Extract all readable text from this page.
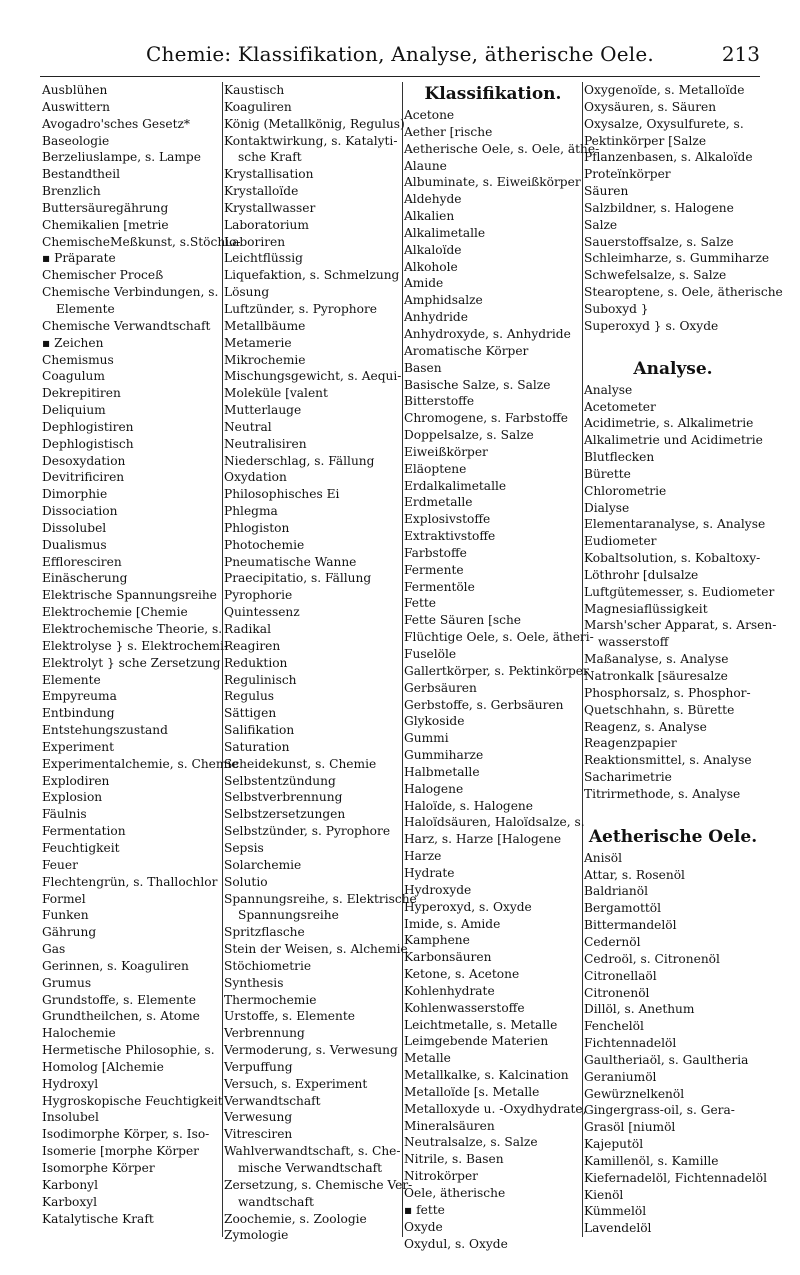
Chemie: Klassifikation, Analyse, ätherische Oele.	213
Ausblühen
Auswittern
Avogadro'sches Gesetz*
Baseologie
Berzeliuslampe, s. Lampe
Bestandtheil
Brenzlich
Buttersäuregährung
Chemikalien [metrie
ChemischeMeßkunst, s.Stöchio-
▪ Präparate
Chemischer Proceß
Chemische Verbindungen, s.
Elemente
Chemische Verwandtschaft
▪ Zeichen
Chemismus
Coagulum
Dekrepitiren
Deliquium
Dephlogistiren
Dephlogistisch
Desoxydation
Devitrificiren
Dimorphie
Dissociation
Dissolubel
Dualismus
Effloresciren
Einäscherung
Elektrische Spannungsreihe
Elektrochemie [Chemie
Elektrochemische Theorie, s.
Elektrolyse } s. Elektrochemi-
Elektrolyt } sche Zersetzung
Elemente
Empyreuma
Entbindung
Entstehungszustand
Experiment
Experimentalchemie, s. Chemie
Explodiren
Explosion
Fäulnis
Fermentation
Feuchtigkeit
Feuer
Flechtengrün, s. Thallochlor
Formel
Funken
Gährung
Gas
Gerinnen, s. Koaguliren
Grumus
Grundstoffe, s. Elemente
Grundtheilchen, s. Atome
Halochemie
Hermetische Philosophie, s.
Homolog [Alchemie
Hydroxyl
Hygroskopische Feuchtigkeit
Insolubel
Isodimorphe Körper, s. Iso-
Isomerie [morphe Körper
Isomorphe Körper
Karbonyl
Karboxyl
Katalytische Kraft
Kaustisch
Koaguliren
König (Metallkönig, Regulus)
Kontaktwirkung, s. Katalyti-
sche Kraft
Krystallisation
Krystalloïde
Krystallwasser
Laboratorium
Laboriren
Leichtflüssig
Liquefaktion, s. Schmelzung
Lösung
Luftzünder, s. Pyrophore
Metallbäume
Metamerie
Mikrochemie
Mischungsgewicht, s. Aequi-
Moleküle [valent
Mutterlauge
Neutral
Neutralisiren
Niederschlag, s. Fällung
Oxydation
Philosophisches Ei
Phlegma
Phlogiston
Photochemie
Pneumatische Wanne
Praecipitatio, s. Fällung
Pyrophorie
Quintessenz
Radikal
Reagiren
Reduktion
Regulinisch
Regulus
Sättigen
Salifikation
Saturation
Scheidekunst, s. Chemie
Selbstentzündung
Selbstverbrennung
Selbstzersetzungen
Selbstzünder, s. Pyrophore
Sepsis
Solarchemie
Solutio
Spannungsreihe, s. Elektrische
Spannungsreihe
Spritzflasche
Stein der Weisen, s. Alchemie
Stöchiometrie
Synthesis
Thermochemie
Urstoffe, s. Elemente
Verbrennung
Vermoderung, s. Verwesung
Verpuffung
Versuch, s. Experiment
Verwandtschaft
Verwesung
Vitresciren
Wahlverwandtschaft, s. Che-
mische Verwandtschaft
Zersetzung, s. Chemische Ver-
wandtschaft
Zoochemie, s. Zoologie
Zymologie
Klassifikation.
Acetone
Aether [rische
Aetherische Oele, s. Oele, äthe-
Alaune
Albuminate, s. Eiweißkörper
Aldehyde
Alkalien
Alkalimetalle
Alkaloïde
Alkohole
Amide
Amphidsalze
Anhydride
Anhydroxyde, s. Anhydride
Aromatische Körper
Basen
Basische Salze, s. Salze
Bitterstoffe
Chromogene, s. Farbstoffe
Doppelsalze, s. Salze
Eiweißkörper
Eläoptene
Erdalkalimetalle
Erdmetalle
Explosivstoffe
Extraktivstoffe
Farbstoffe
Fermente
Fermentöle
Fette
Fette Säuren [sche
Flüchtige Oele, s. Oele, ätheri-
Fuselöle
Gallertkörper, s. Pektinkörper
Gerbsäuren
Gerbstoffe, s. Gerbsäuren
Glykoside
Gummi
Gummiharze
Halbmetalle
Halogene
Haloïde, s. Halogene
Haloïdsäuren, Haloïdsalze, s.
Harz, s. Harze [Halogene
Harze
Hydrate
Hydroxyde
Hyperoxyd, s. Oxyde
Imide, s. Amide
Kamphene
Karbonsäuren
Ketone, s. Acetone
Kohlenhydrate
Kohlenwasserstoffe
Leichtmetalle, s. Metalle
Leimgebende Materien
Metalle
Metallkalke, s. Kalcination
Metalloïde [s. Metalle
Metalloxyde u. -Oxydhydrate,
Mineralsäuren
Neutralsalze, s. Salze
Nitrile, s. Basen
Nitrokörper
Oele, ätherische
▪ fette
Oxyde
Oxydul, s. Oxyde
Oxygenoïde, s. Metalloïde
Oxysäuren, s. Säuren
Oxysalze, Oxysulfurete, s.
Pektinkörper [Salze
Pflanzenbasen, s. Alkaloïde
Proteïnkörper
Säuren
Salzbildner, s. Halogene
Salze
Sauerstoffsalze, s. Salze
Schleimharze, s. Gummiharze
Schwefelsalze, s. Salze
Stearoptene, s. Oele, ätherische
Suboxyd }
Superoxyd } s. Oxyde
Analyse.
Analyse
Acetometer
Acidimetrie, s. Alkalimetrie
Alkalimetrie und Acidimetrie
Blutflecken
Bürette
Chlorometrie
Dialyse
Elementaranalyse, s. Analyse
Eudiometer
Kobaltsolution, s. Kobaltoxy-
Löthrohr [dulsalze
Luftgütemesser, s. Eudiometer
Magnesiaflüssigkeit
Marsh'scher Apparat, s. Arsen-
wasserstoff
Maßanalyse, s. Analyse
Natronkalk [säuresalze
Phosphorsalz, s. Phosphor-
Quetschhahn, s. Bürette
Reagenz, s. Analyse
Reagenzpapier
Reaktionsmittel, s. Analyse
Sacharimetrie
Titrirmethode, s. Analyse
Aetherische Oele.
Anisöl
Attar, s. Rosenöl
Baldrianöl
Bergamottöl
Bittermandelöl
Cedernöl
Cedroöl, s. Citronenöl
Citronellaöl
Citronenöl
Dillöl, s. Anethum
Fenchelöl
Fichtennadelöl
Gaultheriaöl, s. Gaultheria
Geraniumöl
Gewürznelkenöl
Gingergrass-oil, s. Gera-
Grasöl [niumöl
Kajeputöl
Kamillenöl, s. Kamille
Kiefernadelöl, Fichtennadelöl
Kienöl
Kümmelöl
Lavendelöl
